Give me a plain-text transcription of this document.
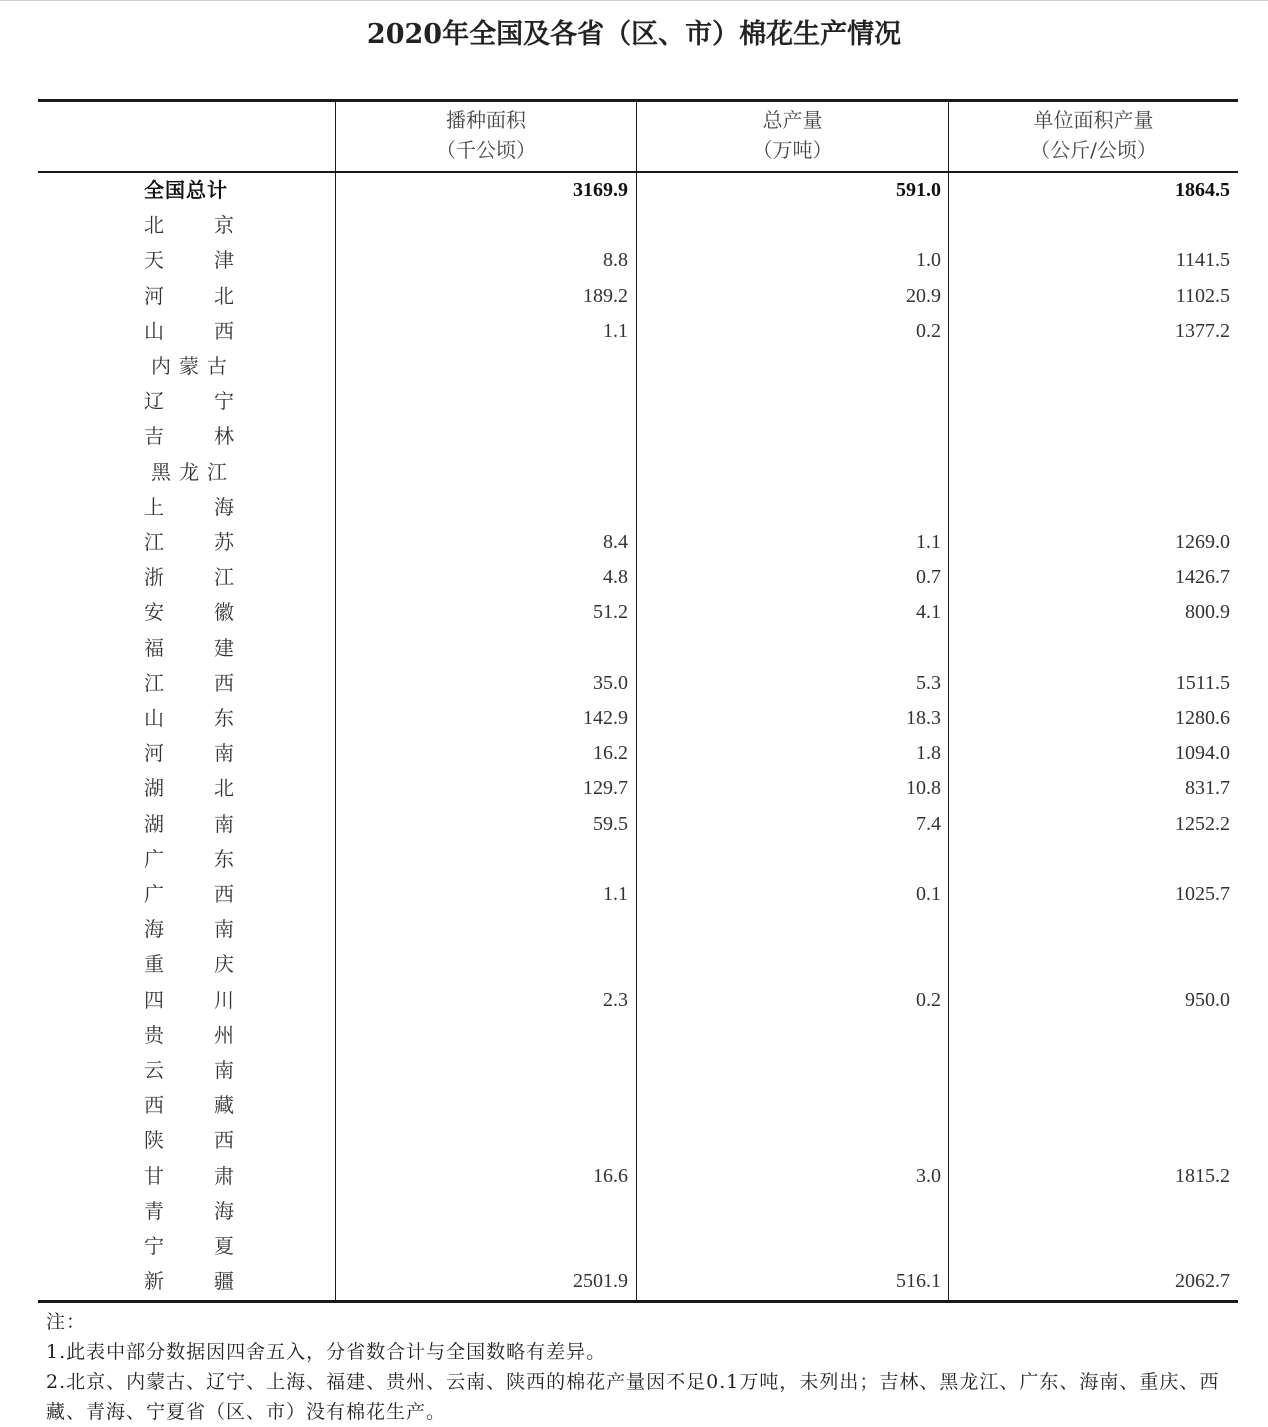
2020年全国及各省（区、市）棉花生产情况
播种面积
（千公顷）
总产量
（万吨）
单位面积产量
（公斤/公顷）
全国总计	3169.9	591.0	1864.5
北	京
天	津	8.8	1.0	1141.5
河	北	189.2	20.9	1102.5
山	西	1.1	0.2	1377.2
内 蒙 古
辽	宁
吉	林
黑 龙 江
上	海
江	苏	8.4	1.1	1269.0
浙	江	4.8	0.7	1426.7
安	徽	51.2	4.1	800.9
福	建
江	西	35.0	5.3	1511.5
山	东	142.9	18.3	1280.6
河	南	16.2	1.8	1094.0
湖	北	129.7	10.8	831.7
湖	南	59.5	7.4	1252.2
广	东
广	西	1.1	0.1	1025.7
海	南
重	庆
四	川	2.3	0.2	950.0
贵	州
云	南
西	藏
陕	西
甘	肃	16.6	3.0	1815.2
青	海
宁	夏
新	疆	2501.9	516.1	2062.7
注：
1.此表中部分数据因四舍五入，分省数合计与全国数略有差异。
2.北京、内蒙古、辽宁、上海、福建、贵州、云南、陕西的棉花产量因不足0.1万吨，未列出；吉林、黑龙江、广东、海南、重庆、西藏、青海、宁夏省（区、市）没有棉花生产。
